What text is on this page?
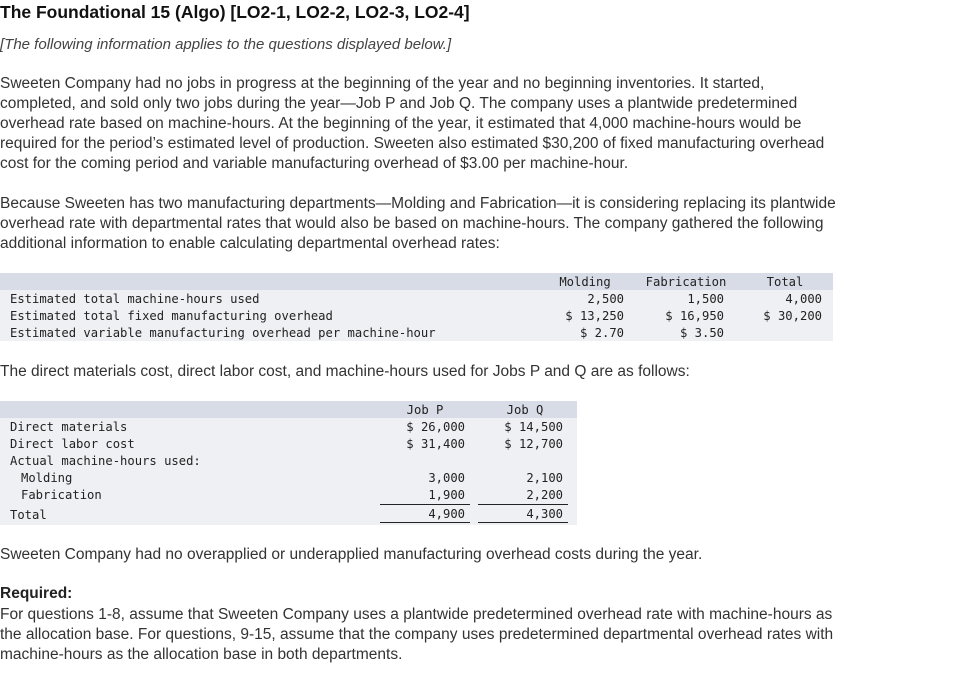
The Foundational 15 (Algo) [LO2-1, LO2-2, LO2-3, LO2-4]
[The following information applies to the questions displayed below.]
Sweeten Company had no jobs in progress at the beginning of the year and no beginning inventories. It started,
completed, and sold only two jobs during the year—Job P and Job Q. The company uses a plantwide predetermined
overhead rate based on machine-hours. At the beginning of the year, it estimated that 4,000 machine-hours would be
required for the period’s estimated level of production. Sweeten also estimated $30,200 of fixed manufacturing overhead
cost for the coming period and variable manufacturing overhead of $3.00 per machine-hour.
Because Sweeten has two manufacturing departments—Molding and Fabrication—it is considering replacing its plantwide
overhead rate with departmental rates that would also be based on machine-hours. The company gathered the following
additional information to enable calculating departmental overhead rates:
Molding	Fabrication	Total
Estimated total machine-hours used	2,500	1,500	4,000
Estimated total fixed manufacturing overhead	$ 13,250	$ 16,950	$ 30,200
Estimated variable manufacturing overhead per machine-hour	$ 2.70	$ 3.50
The direct materials cost, direct labor cost, and machine-hours used for Jobs P and Q are as follows:
Job P	Job Q
Direct materials	$ 26,000	$ 14,500
Direct labor cost	$ 31,400	$ 12,700
Actual machine-hours used:
Molding	3,000	2,100
Fabrication	1,900	2,200
Total	4,900	4,300
Sweeten Company had no overapplied or underapplied manufacturing overhead costs during the year.
Required:
For questions 1-8, assume that Sweeten Company uses a plantwide predetermined overhead rate with machine-hours as
the allocation base. For questions, 9-15, assume that the company uses predetermined departmental overhead rates with
machine-hours as the allocation base in both departments.
